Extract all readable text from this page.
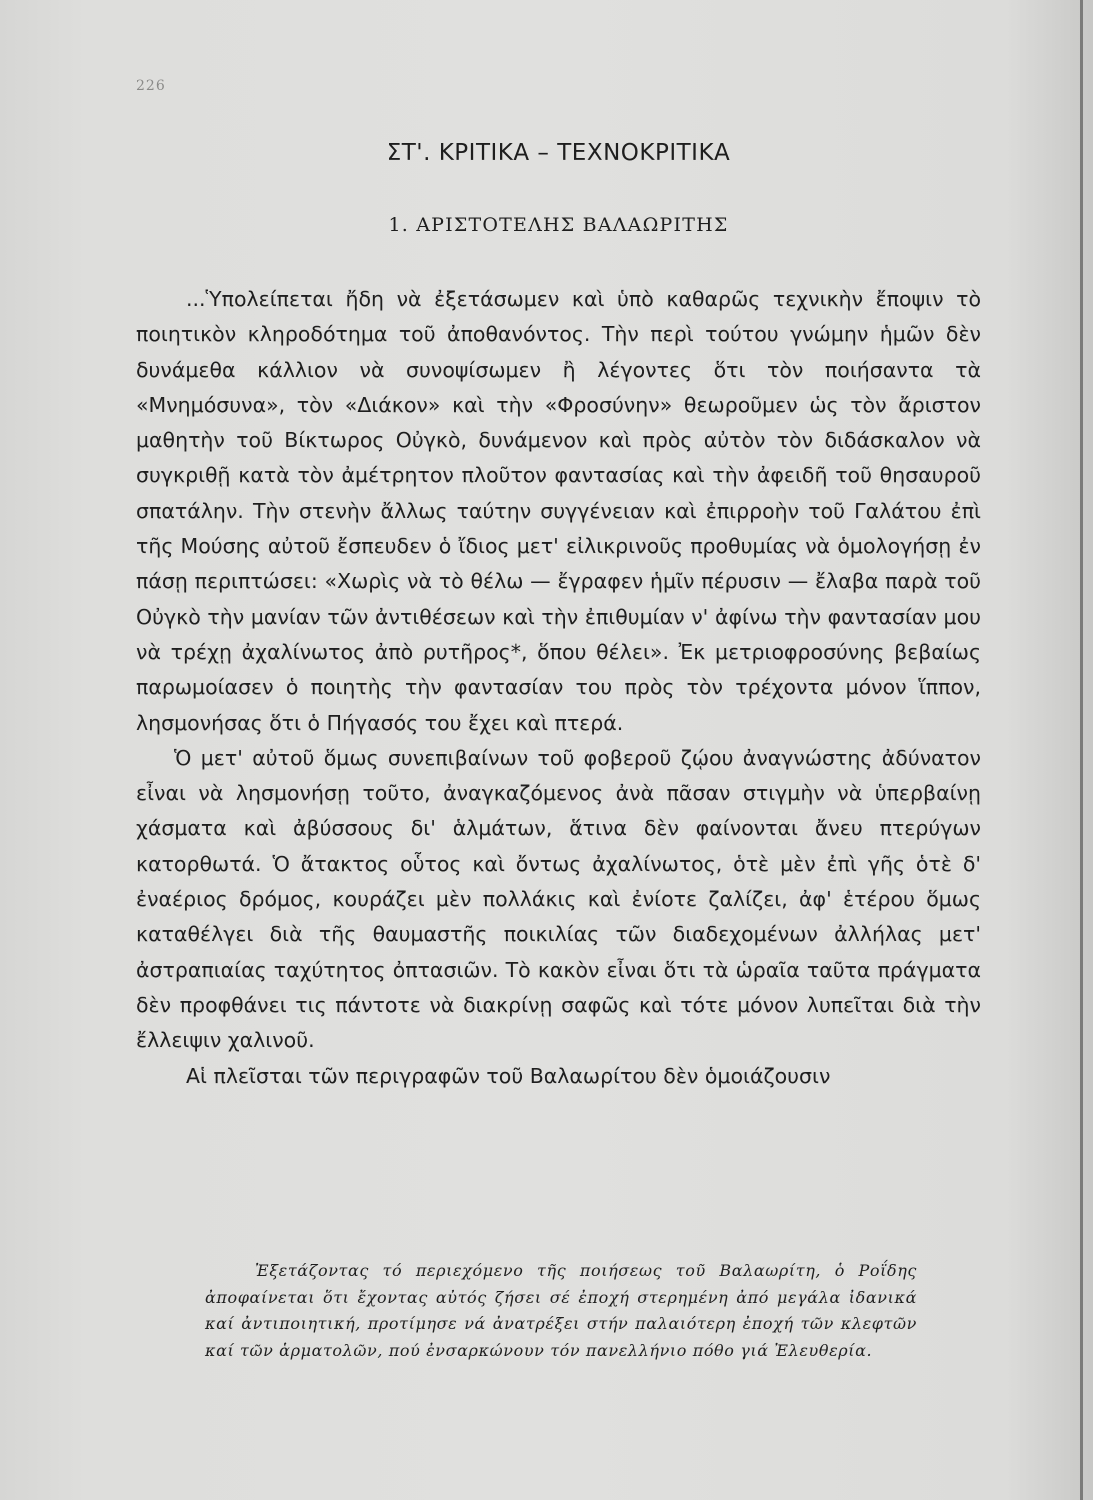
226
ΣΤ'. ΚΡΙΤΙΚΑ – ΤΕΧΝΟΚΡΙΤΙΚΑ
1. ΑΡΙΣΤΟΤΕΛΗΣ ΒΑΛΑΩΡΙΤΗΣ

...Ὑπολείπεται ἤδη νὰ ἐξετάσωμεν καὶ ὑπὸ καθαρῶς τεχνικὴν ἔποψιν τὸ ποιητικὸν κληροδότημα τοῦ ἀποθανόντος. Τὴν περὶ τούτου γνώμην ἡμῶν δὲν δυνάμεθα κάλλιον νὰ συνοψίσωμεν ἢ λέγοντες ὅτι τὸν ποιήσαντα τὰ «Μνημόσυνα», τὸν «Διάκον» καὶ τὴν «Φροσύνην» θεωροῦμεν ὡς τὸν ἄριστον μαθητὴν τοῦ Βίκτωρος Οὐγκὸ, δυνάμενον καὶ πρὸς αὐτὸν τὸν διδάσκαλον νὰ συγκριθῇ κατὰ τὸν ἀμέτρητον πλοῦτον φαντασίας καὶ τὴν ἀφειδῆ τοῦ θησαυροῦ σπατάλην. Τὴν στενὴν ἄλλως ταύτην συγγένειαν καὶ ἐπιρροὴν τοῦ Γαλάτου ἐπὶ τῆς Μούσης αὐτοῦ ἔσπευδεν ὁ ἴδιος μετ' εἰλικρινοῦς προθυμίας νὰ ὁμολογήσῃ ἐν πάσῃ περιπτώσει: «Χωρὶς νὰ τὸ θέλω — ἔγραφεν ἡμῖν πέρυσιν — ἔλαβα παρὰ τοῦ Οὐγκὸ τὴν μανίαν τῶν ἀντιθέσεων καὶ τὴν ἐπιθυμίαν ν' ἀφίνω τὴν φαντασίαν μου νὰ τρέχῃ ἀχαλίνωτος ἀπὸ ρυτῆρος*, ὅπου θέλει». Ἐκ μετριοφροσύνης βεβαίως παρωμοίασεν ὁ ποιητὴς τὴν φαντασίαν του πρὸς τὸν τρέχοντα μόνον ἵππον, λησμονήσας ὅτι ὁ Πήγασός του ἔχει καὶ πτερά.

Ὁ μετ' αὐτοῦ ὅμως συνεπιβαίνων τοῦ φοβεροῦ ζῴου ἀναγνώστης ἀδύνατον εἶναι νὰ λησμονήσῃ τοῦτο, ἀναγκαζόμενος ἀνὰ πᾶσαν στιγμὴν νὰ ὑπερβαίνῃ χάσματα καὶ ἀβύσσους δι' ἁλμάτων, ἅτινα δὲν φαίνονται ἄνευ πτερύγων κατορθωτά. Ὁ ἄτακτος οὗτος καὶ ὄντως ἀχαλίνωτος, ὁτὲ μὲν ἐπὶ γῆς ὁτὲ δ' ἐναέριος δρόμος, κουράζει μὲν πολλάκις καὶ ἐνίοτε ζαλίζει, ἀφ' ἑτέρου ὅμως καταθέλγει διὰ τῆς θαυμαστῆς ποικιλίας τῶν διαδεχομένων ἀλλήλας μετ' ἀστραπιαίας ταχύτητος ὀπτασιῶν. Τὸ κακὸν εἶναι ὅτι τὰ ὡραῖα ταῦτα πράγματα δὲν προφθάνει τις πάντοτε νὰ διακρίνῃ σαφῶς καὶ τότε μόνον λυπεῖται διὰ τὴν ἔλλειψιν χαλινοῦ.

Αἱ πλεῖσται τῶν περιγραφῶν τοῦ Βαλαωρίτου δὲν ὁμοιάζουσιν

Ἐξετάζοντας τό περιεχόμενο τῆς ποιήσεως τοῦ Βαλαωρίτη, ὁ Ροΐδης ἀποφαίνεται ὅτι ἔχοντας αὐτός ζήσει σέ ἐποχή στερημένη ἀπό μεγάλα ἰδανικά καί ἀντιποιητική, προτίμησε νά ἀνατρέξει στήν παλαιότερη ἐποχή τῶν κλεφτῶν καί τῶν ἁρματολῶν, πού ἐνσαρκώνουν τόν πανελλήνιο πόθο γιά Ἐλευθερία.
